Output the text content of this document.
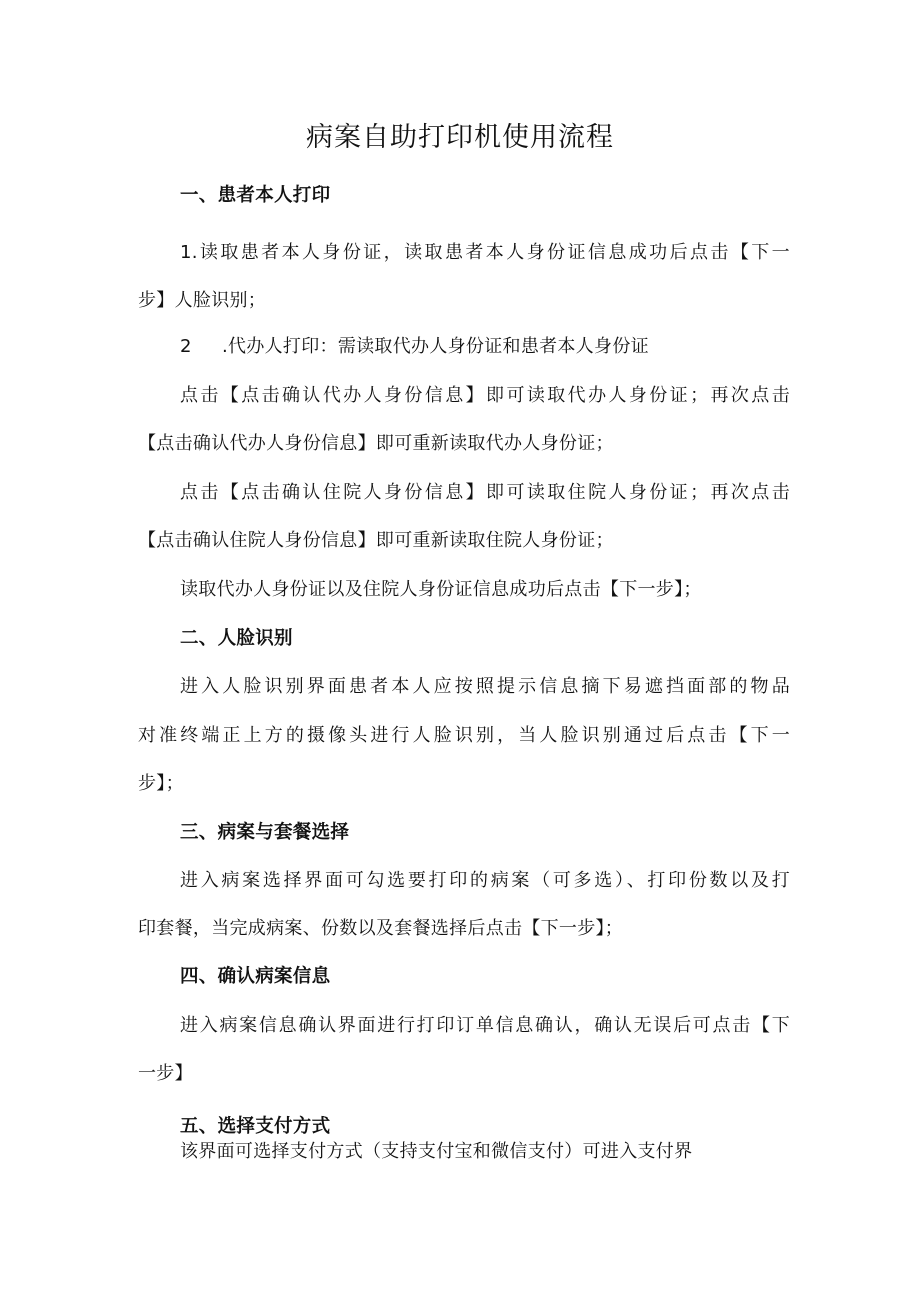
病案自助打印机使用流程
一、患者本人打印
1.读取患者本人身份证，读取患者本人身份证信息成功后点击【下一
步】人脸识别；
2 .代办人打印：需读取代办人身份证和患者本人身份证
点击【点击确认代办人身份信息】即可读取代办人身份证；再次点击
【点击确认代办人身份信息】即可重新读取代办人身份证；
点击【点击确认住院人身份信息】即可读取住院人身份证；再次点击
【点击确认住院人身份信息】即可重新读取住院人身份证；
读取代办人身份证以及住院人身份证信息成功后点击【下一步】；
二、人脸识别
进入人脸识别界面患者本人应按照提示信息摘下易遮挡面部的物品
对准终端正上方的摄像头进行人脸识别，当人脸识别通过后点击【下一
步】；
三、病案与套餐选择
进入病案选择界面可勾选要打印的病案（可多选）、打印份数以及打
印套餐，当完成病案、份数以及套餐选择后点击【下一步】；
四、确认病案信息
进入病案信息确认界面进行打印订单信息确认，确认无误后可点击【下
一步】
五、选择支付方式
该界面可选择支付方式（支持支付宝和微信支付）可进入支付界
